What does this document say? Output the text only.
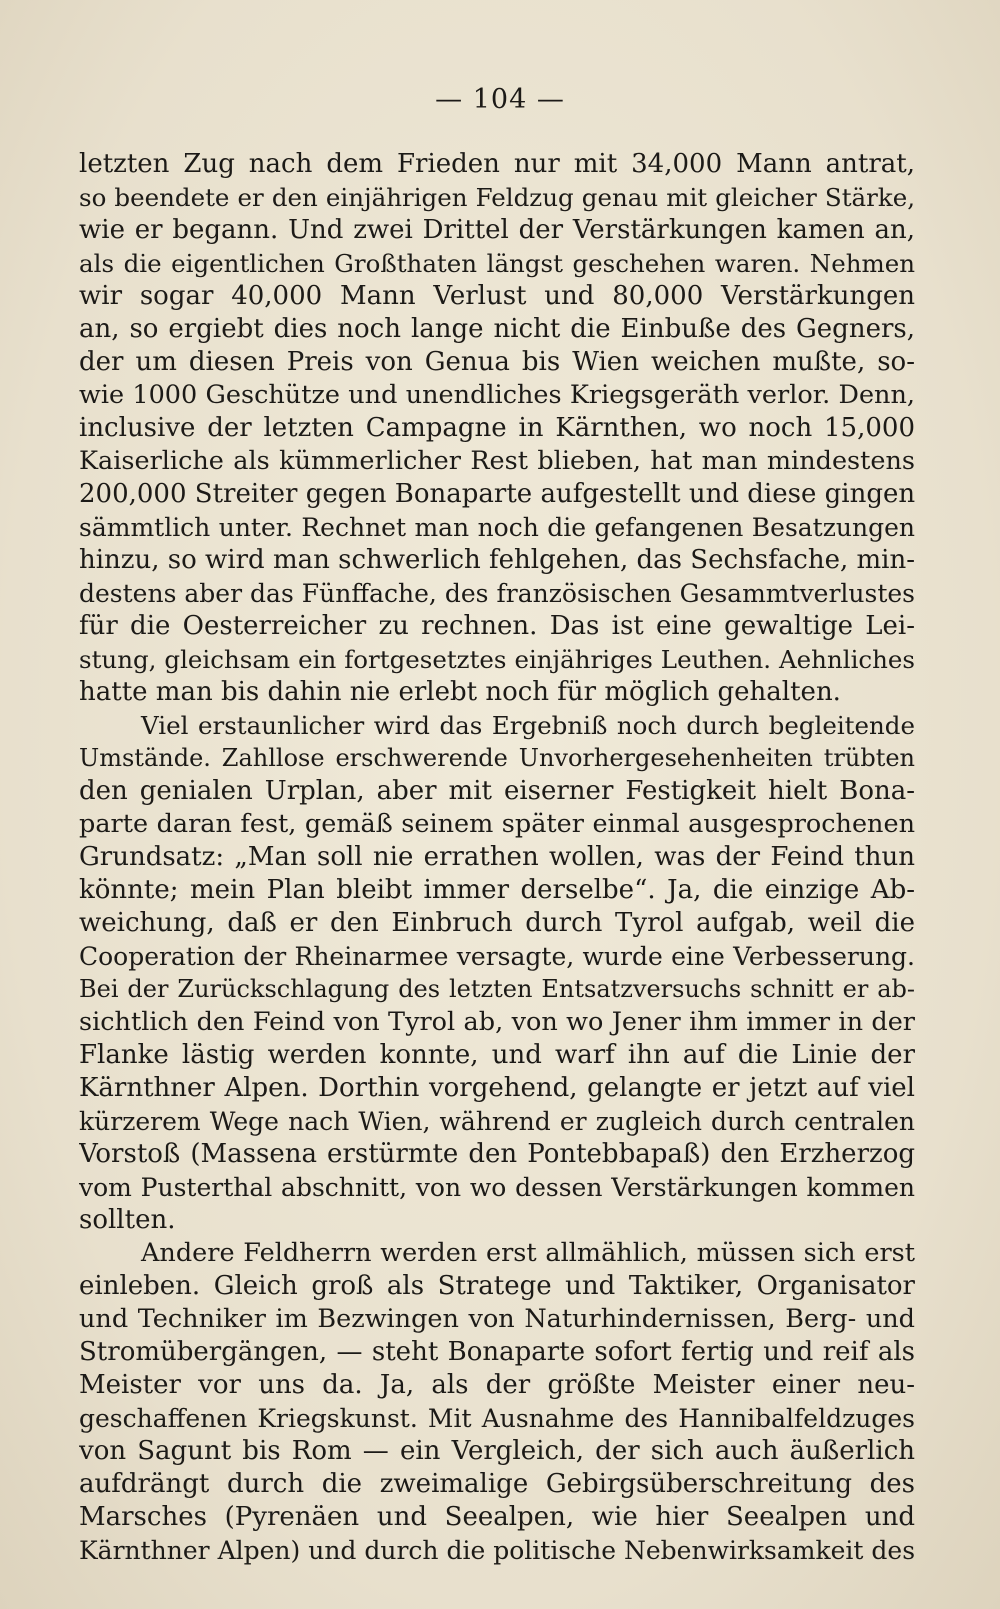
— 104 —
letzten Zug nach dem Frieden nur mit 34,000 Mann antrat,
so beendete er den einjährigen Feldzug genau mit gleicher Stärke,
wie er begann. Und zwei Drittel der Verstärkungen kamen an,
als die eigentlichen Großthaten längst geschehen waren. Nehmen
wir sogar 40,000 Mann Verlust und 80,000 Verstärkungen
an, so ergiebt dies noch lange nicht die Einbuße des Gegners,
der um diesen Preis von Genua bis Wien weichen mußte, so-
wie 1000 Geschütze und unendliches Kriegsgeräth verlor. Denn,
inclusive der letzten Campagne in Kärnthen, wo noch 15,000
Kaiserliche als kümmerlicher Rest blieben, hat man mindestens
200,000 Streiter gegen Bonaparte aufgestellt und diese gingen
sämmtlich unter. Rechnet man noch die gefangenen Besatzungen
hinzu, so wird man schwerlich fehlgehen, das Sechsfache, min-
destens aber das Fünffache, des französischen Gesammtverlustes
für die Oesterreicher zu rechnen. Das ist eine gewaltige Lei-
stung, gleichsam ein fortgesetztes einjähriges Leuthen. Aehnliches
hatte man bis dahin nie erlebt noch für möglich gehalten.
Viel erstaunlicher wird das Ergebniß noch durch begleitende
Umstände. Zahllose erschwerende Unvorhergesehenheiten trübten
den genialen Urplan, aber mit eiserner Festigkeit hielt Bona-
parte daran fest, gemäß seinem später einmal ausgesprochenen
Grundsatz: „Man soll nie errathen wollen, was der Feind thun
könnte; mein Plan bleibt immer derselbe“. Ja, die einzige Ab-
weichung, daß er den Einbruch durch Tyrol aufgab, weil die
Cooperation der Rheinarmee versagte, wurde eine Verbesserung.
Bei der Zurückschlagung des letzten Entsatzversuchs schnitt er ab-
sichtlich den Feind von Tyrol ab, von wo Jener ihm immer in der
Flanke lästig werden konnte, und warf ihn auf die Linie der
Kärnthner Alpen. Dorthin vorgehend, gelangte er jetzt auf viel
kürzerem Wege nach Wien, während er zugleich durch centralen
Vorstoß (Massena erstürmte den Pontebbapaß) den Erzherzog
vom Pusterthal abschnitt, von wo dessen Verstärkungen kommen
sollten.
Andere Feldherrn werden erst allmählich, müssen sich erst
einleben. Gleich groß als Stratege und Taktiker, Organisator
und Techniker im Bezwingen von Naturhindernissen, Berg- und
Stromübergängen, — steht Bonaparte sofort fertig und reif als
Meister vor uns da. Ja, als der größte Meister einer neu-
geschaffenen Kriegskunst. Mit Ausnahme des Hannibalfeldzuges
von Sagunt bis Rom — ein Vergleich, der sich auch äußerlich
aufdrängt durch die zweimalige Gebirgsüberschreitung des
Marsches (Pyrenäen und Seealpen, wie hier Seealpen und
Kärnthner Alpen) und durch die politische Nebenwirksamkeit des
